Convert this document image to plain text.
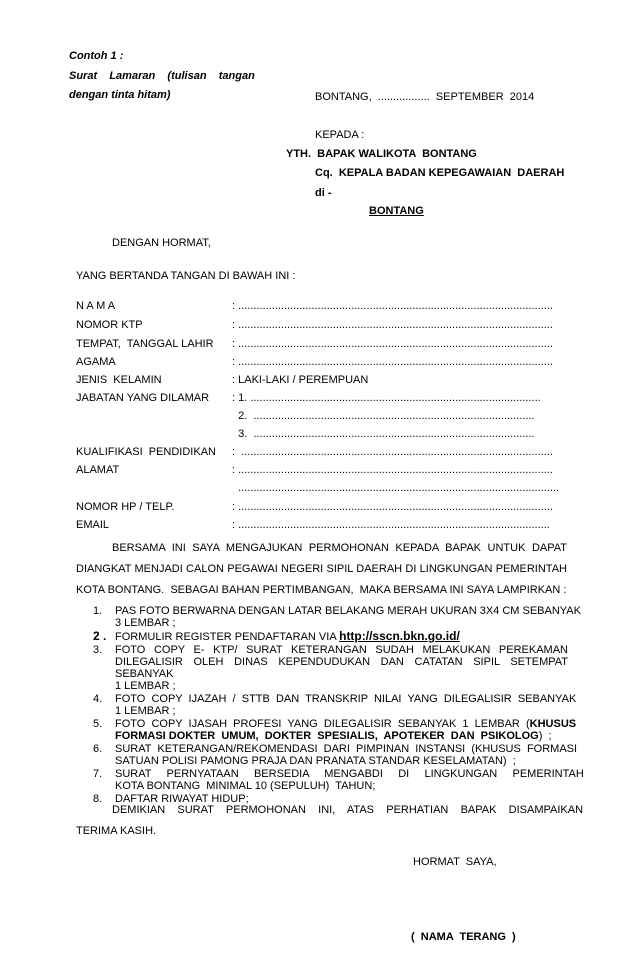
Contoh 1 :
Surat    Lamaran    (tulisan    tangan
dengan tinta hitam)	BONTANG,  .................  SEPTEMBER  2014
KEPADA :
YTH.  BAPAK WALIKOTA  BONTANG
Cq.  KEPALA BADAN KEPEGAWAIAN  DAERAH
di -
BONTANG
DENGAN HORMAT,
YANG BERTANDA TANGAN DI BAWAH INI :
N A M A	: .......................................................................................................
NOMOR KTP	: .......................................................................................................
TEMPAT,  TANGGAL LAHIR : .......................................................................................................
AGAMA	: .......................................................................................................
JENIS  KELAMIN	: LAKI-LAKI / PEREMPUAN
JABATAN YANG DILAMAR : 1. ...............................................................................................
2.  ............................................................................................
3.  ............................................................................................
KUALIFIKASI  PENDIDIKAN :  ......................................................................................................
ALAMAT	: .......................................................................................................
.........................................................................................................
NOMOR HP / TELP.	: .......................................................................................................
EMAIL	: ......................................................................................................
BERSAMA  INI  SAYA  MENGAJUKAN  PERMOHONAN  KEPADA  BAPAK  UNTUK  DAPAT
DIANGKAT MENJADI CALON PEGAWAI NEGERI SIPIL DAERAH DI LINGKUNGAN PEMERINTAH
KOTA BONTANG.  SEBAGAI BAHAN PERTIMBANGAN,  MAKA BERSAMA INI SAYA LAMPIRKAN :
1.	PAS FOTO BERWARNA DENGAN LATAR BELAKANG MERAH UKURAN 3X4 CM SEBANYAK
3 LEMBAR ;
2 . FORMULIR REGISTER PENDAFTARAN VIA http://sscn.bkn.go.id/
3.	FOTO  COPY  E-  KTP/  SURAT  KETERANGAN  SUDAH  MELAKUKAN  PEREKAMAN
DILEGALISIR OLEH DINAS KEPENDUDUKAN DAN CATATAN SIPIL SETEMPAT SEBANYAK
1 LEMBAR ;
4.	FOTO  COPY  IJAZAH  /  STTB  DAN  TRANSKRIP  NILAI  YANG  DILEGALISIR  SEBANYAK
1 LEMBAR ;
5.	FOTO  COPY  IJASAH  PROFESI  YANG  DILEGALISIR  SEBANYAK  1  LEMBAR  (KHUSUS
FORMASI DOKTER  UMUM,  DOKTER  SPESIALIS,  APOTEKER  DAN  PSIKOLOG)  ;
6.	SURAT  KETERANGAN/REKOMENDASI  DARI  PIMPINAN  INSTANSI  (KHUSUS  FORMASI
SATUAN POLISI PAMONG PRAJA DAN PRANATA STANDAR KESELAMATAN)  ;
7.	SURAT     PERNYATAAN     BERSEDIA     MENGABDI     DI     LINGKUNGAN     PEMERINTAH
KOTA BONTANG  MINIMAL 10 (SEPULUH)  TAHUN;
8.	DAFTAR RIWAYAT HIDUP;
DEMIKIAN    SURAT    PERMOHONAN    INI,    ATAS    PERHATIAN    BAPAK    DISAMPAIKAN
TERIMA KASIH.
HORMAT  SAYA,
(  NAMA  TERANG  )
